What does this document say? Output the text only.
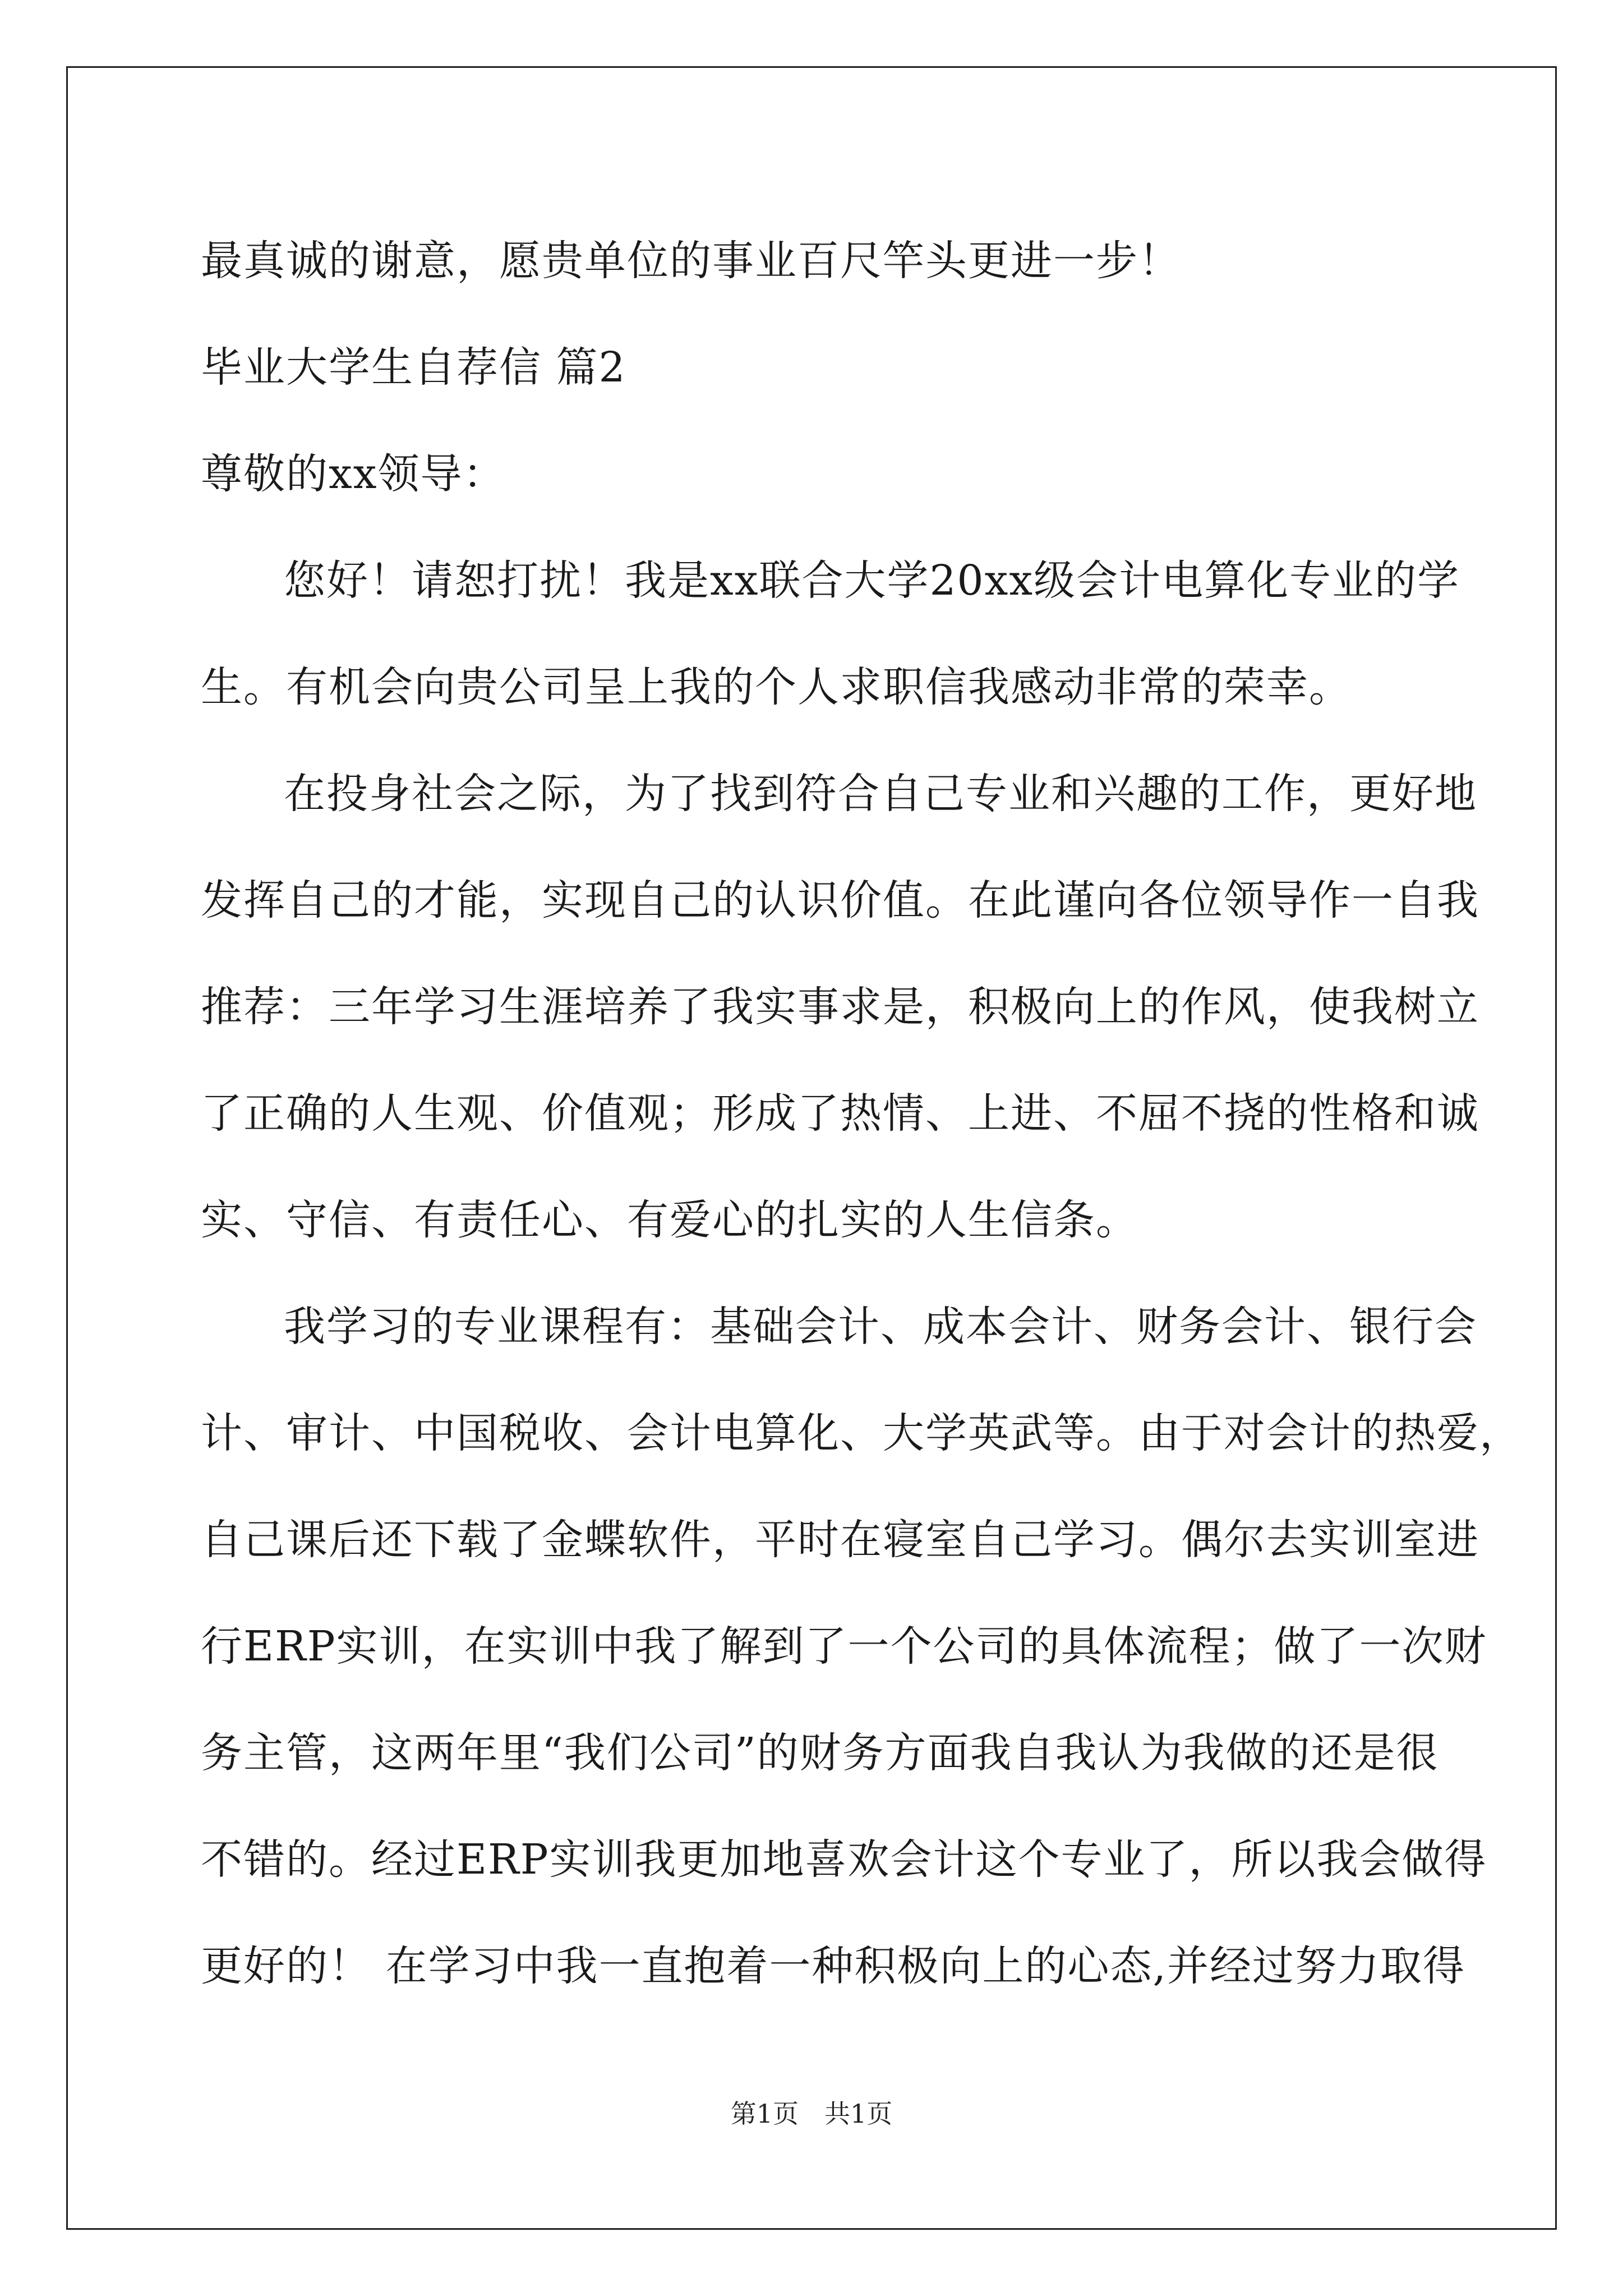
最真诚的谢意，愿贵单位的事业百尺竿头更进一步！
毕业大学生自荐信 篇2
尊敬的xx领导：
您好！请恕打扰！我是xx联合大学20xx级会计电算化专业的学
生。有机会向贵公司呈上我的个人求职信我感动非常的荣幸。
在投身社会之际，为了找到符合自己专业和兴趣的工作，更好地
发挥自己的才能，实现自己的认识价值。在此谨向各位领导作一自我
推荐：三年学习生涯培养了我实事求是，积极向上的作风，使我树立
了正确的人生观、价值观；形成了热情、上进、不屈不挠的性格和诚
实、守信、有责任心、有爱心的扎实的人生信条。
我学习的专业课程有：基础会计、成本会计、财务会计、银行会
计、审计、中国税收、会计电算化、大学英武等。由于对会计的热爱，
自己课后还下载了金蝶软件，平时在寝室自己学习。偶尔去实训室进
行ERP实训，在实训中我了解到了一个公司的具体流程；做了一次财
务主管，这两年里“我们公司”的财务方面我自我认为我做的还是很
不错的。经过ERP实训我更加地喜欢会计这个专业了，所以我会做得
更好的！ 在学习中我一直抱着一种积极向上的心态,并经过努力取得
第1页　共1页
